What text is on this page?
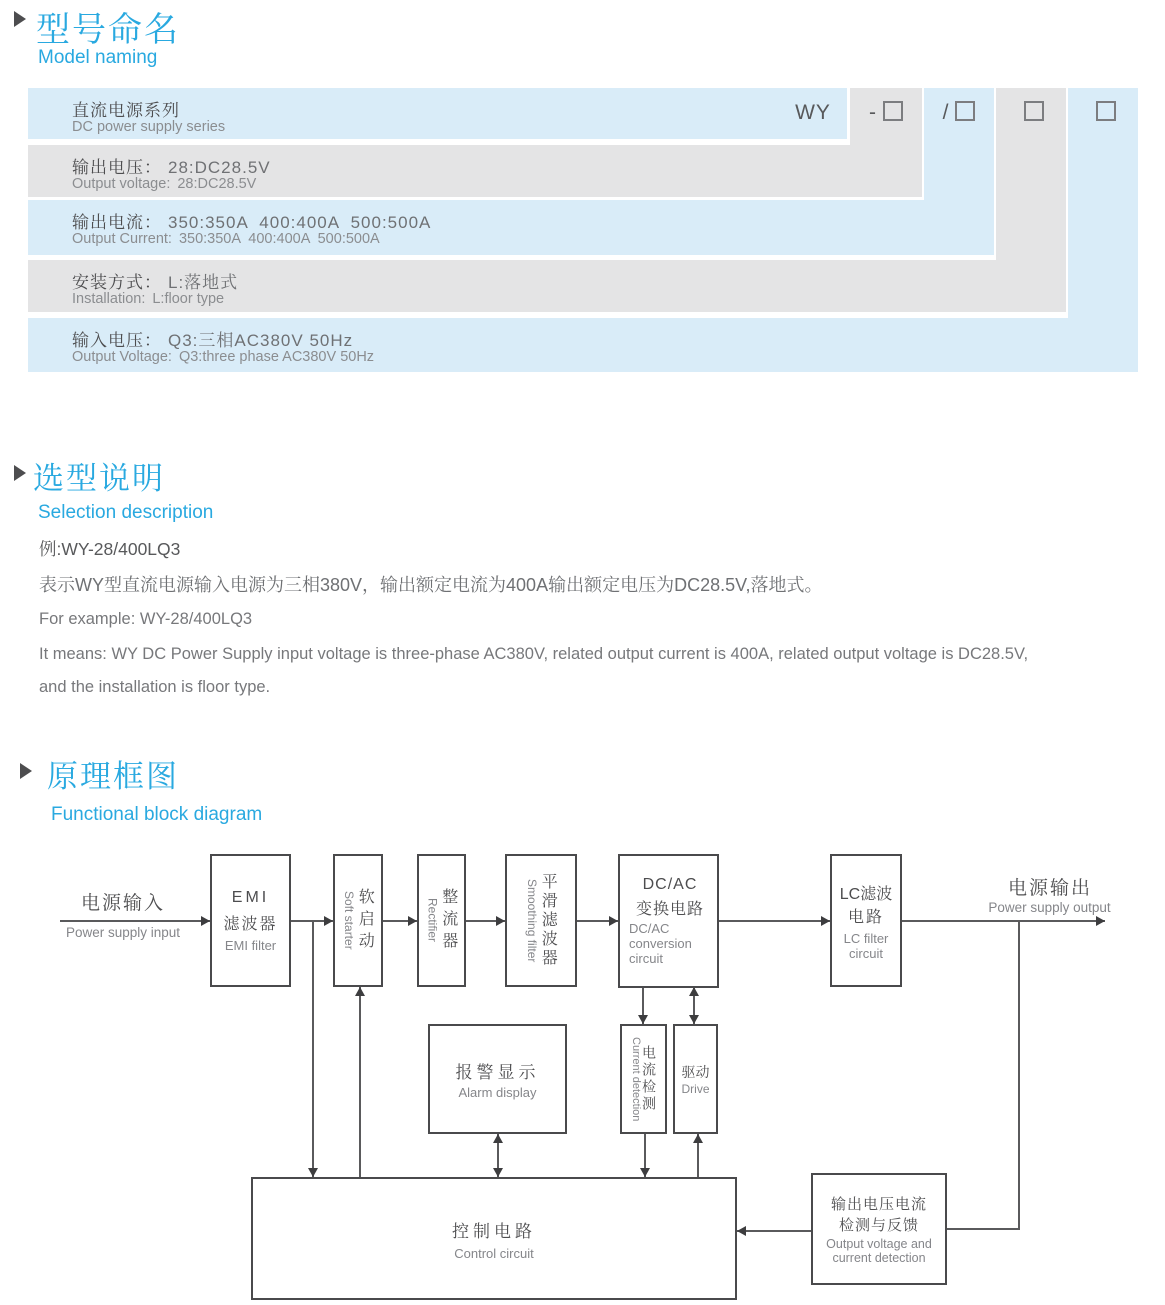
型号命名
Model naming
直流电源系列
DC power supply series
输出电压： 28:DC28.5V
Output voltage: 28:DC28.5V
输出电流： 350:350A  400:400A  500:500A
Output Current: 350:350A  400:400A  500:500A
安装方式： L:落地式
Installation: L:floor type
输入电压： Q3:三相AC380V 50Hz
Output Voltage: Q3:three phase AC380V 50Hz
WY	-	/
选型说明
Selection description
例:WY-28/400LQ3
表示WY型直流电源输入电源为三相380V，输出额定电流为400A输出额定电压为DC28.5V,落地式。
For example: WY-28/400LQ3
It means: WY DC Power Supply input voltage is three-phase AC380V, related output current is 400A, related output voltage is DC28.5V,
and the installation is floor type.
原理框图
Functional block diagram
电源输入
Power supply input
电源输出
Power supply output
EMI
滤波器
EMI filter	Soft starter 软启动	Rectifier 整流器	Smoothing filter 平滑滤波器	DC/AC
变换电路
DC/AC
conversion
circuit
LC滤波
电路
LC filter
circuit
报警显示
Alarm display	Current detection 电流检测 驱动
Drive
控制电路
Control circuit
输出电压电流
检测与反馈
Output voltage and
current detection
